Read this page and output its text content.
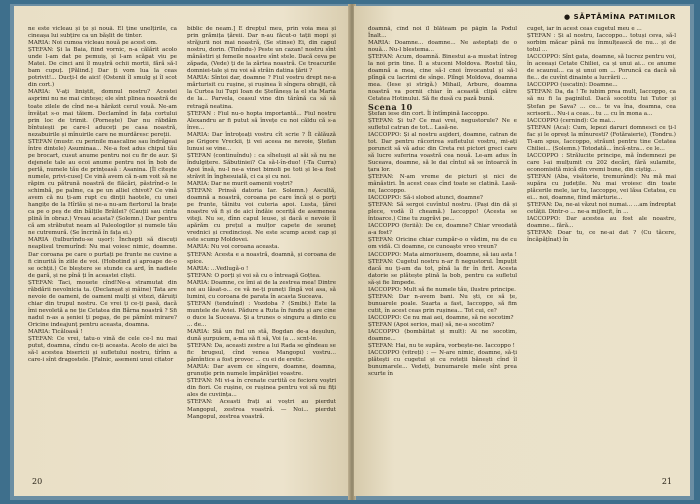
ne este vicleau și țe și nouă. El ține unelțirile, ca cineașa lui subțire ca un bășlit de tinter.

MARIA: Noi cumoa vicleau nouă pe acest om.

ȘTEFAN: Și la Baia, fiind vornic, n-a călărit acolo unde l-am dat pe pemuiș, și l-am scăpat viu pe Matei. De cinci ani îl muștră ochii mortii, fără să-l bam cupuț. [Pălind.] Dar ți vom lua la ceas potrivit!... Ducți-l de aici! (Ostenii îl smulg și îl scot din cort.)

MARIA: V-ați liniștit, domnul nostru? Acestei asprimi nu ne mai cinteșe; ele sînt plinea noastră de toate zilele de cînd ne-a hărăzit cerul vouă. Ne-am învățat s-o mai tăiem. Declamînd în fața cortului prin loc de trimit. (Pornește) Dar nu răbdăm bîntuieșii pe care-l aduceți pe casa noastră, nezabuirile și mînuirile care ne murdăresc pereții.

ȘTEFAN (mustr. cu perinile mascaline sau îndrăgeai între dintele) Asuminaa... Ne-a fost adus chipul tău pe brocart, cusut anume pentru noi cu fir de aur. Și dejenele tale au ecoi anume pentru noi în bob de perlă, numele tău de prințeasă : Asanina. [Îl citește numele, privi-cuse] Ce vină avem că n-am voit să ne răpim cu pătrună noastră de flăcări, păstrînd-o le schimbă, pe palme, ca pe un alliel chivot? Ce vină avem că nu ți-am rupt cu dinții haotele, cu unei hangițe de la Hîrlău și ne-a nu-am fiertorul la brațe ca pe o peș de din bălțile Brăilei? (Cauții sau cinta plină în obraz.) Vreau acasta? (Solemn.) Dar pentru că am străbutut neam al Paleologilor și numele tău ne cutremură. (Se încrină în fața ei.)

MARIA (tulburîndu-se ușor): Închepți să discuți neaplisul tremurînd: Nu mai voiesc nimic, doamne. Dar coroana pe care o purtați pe frunte ne cuvine a fi cinurită în ziile de voi. (Hobotind și aproape de-o se ochții.) Ce bleștere se stunde ca ard, în nadiele de gară, și ne pînă ți în aceastei cliști.

ȘTEFAN: Taci, mouete cînd!Ne-a stramutat din răbdării nevolnicia ta. (Declanșat și mâine) Tata are nevoie de oameni, de oameni mulți și vitezi, dăruiți chiar din trupul nostru. Ce vrei ți ce-ți pasă, dacă îmi nevoletă a ne ție Cetatea din Bărna noastră ? Sfi nadul n-as a șeniei ți pegaș, de pe pămînt mirare? Oricine indeajunț pentru aceasta, doamna.

MARIA: Ticăloasă !

ȘTEFAN: Ce vrei, tatu-o vină de cele ce-l nu mai putut, doamna, cîndu ce-ți aceasta. Acolo de aici ba să-l acestea bisericii și sufletului nostru, tîrînn a care-i sînt dragostele. [Falnic, asemeni unui citator

biblic de neam.] E drepțul meu, prin voia mea și prin grămița țăreii. Dar n-au făcut-o tații mopi și străjurii noi mai noastră, (Se stinse) Ei, din capul nostru, dorin. (Tinîndu-) Peste un cazan! nostru sînt mănăstiri și femeile noastre sînt stele. Dacă ceva pe zăpada, (Vede) ți de la zărtea noastră. Ce treacurile domniei-tale și nu voi să străin datina țării ?

MARIA: Sîntoi dar, doamne ? Fiul vostru drept ne-a mărturisit cu rușine, și rușinea îi sîngera obrajii, că la Curtea lui Tupi Ioan de Ștefăneșș la el sta Maria de la... Parvela, ceasul vine din tărână ca să să retragă neatina.

ȘTEFAN : Fiul nu-o hopta importantă... Fiul nostru Alexandru ar fi putut să învețe cu noi căldu că s-a înve...

MARIA: Dar întroțeați vostru cît scrie ? Îl călăuză pe Grigore Vreckii, ți vei aceea ne nevoie, Ștefan lunusi se vine...

ȘTEFAN (continuîndu) : ca sîhelușii al săi să nu ne îndulgițere. Săbutiniei? Ca să-l-în-duo! (-Ta Curra) Apoi însă, nu-l ne-a vinet bimoli pe toti și le-a fost străvit în înghesuială, ci ca și cu noi.

MARIA: Dar ne murit oamenii voștri?

ȘTEFAN: Prinsă datoria Iar. Solemn.) Ascultă, doamnă a noastră, coroana pe care încă și o porți pe frunte, tăinitu voi cuteria apoi. Lusta, țărei noastre vă fi și de aici îndăie oceriță de asemenea viteji. Nu se, dînn capul leuse, și dacă e nevoie îl apărăm cu prețul a mulțor capete de seuneț vrednici și credincioși. Ne este scump acest cap și este scump Moldovei.

MARIA: Nu voi coroana aceasta.

ȘTEFAN: Acesta e a noastră, doamnă, și coroana de spice.

MARIA: ...Vedlugă-o !

ȘTEFAN: O porți și voi să cu o întreagă Goțtea.

MARIA: Doamne, ce îmi ai de la zestrea mea! Dintre noi au lăsat-o... ce vă ne-ți puneți lîngă voi asa, să lumini, cu coroana de parata în acasta Suceava.

ȘTEFAN (tenduînd) : Vozdoba ? (Smibi.) Este la muntele de Aviei. Pădure a Ruta în fundu și are cine o duce la Suceava. Și a trunes o singuru a dinto cu ... de...

MARIA: Stă un fiul un stă, Bogdan de-a deșulun, dună șurpuiem, a-ma să fi să, Voi (a ... scnt-le.

ȘTEFAN: Da, aceasti zestre a lui Rada se gîndeau se fic brugsul, cînd venea Mangopul vostru... pămîntice a fost provoc ... cu ei de eretic.

MARIA: Dar avem ce sîngere, doamne, doamna, grunuție prin numele împărăției voastre.

ȘTEFAN: Mi vi-a în crenate curtită ce fecioru voștri din fiori. Ce rușine, ce rușinea pentru voi să nu fiți ales de cuviința...

ȘTEFAN: Aceasti frați ai voștri au pierdut Mangopul, zestrea voastră. — Noi... pierdut Mangopul, zestrea voastră.

20
● SĂPTĂMÎNA PATIMILOR

doamnă, cînd noi îl blăteam pe păgîn la Podul Înalt...

MARIA: Doamne... doamne... Ne asteptați de o nouă... Nu-l blestema...

ȘTEFAN: Acum, doamnă. Binestui a-a mustat întreg la noi prin tine. Îl a stuceni Moldova. Rostul tău, doamnă a mea, cine să-l cnoi învocantul și să-l plîngă cu lacrimi de sînge. Plîngi Moldova, doamna mea. (Iese și strigă.) Mihail, Arbure, doamna noastră va pornii chiar în această clipă către Cetatea Hotinului. Să fie dusă cu pază bună.

Scena 10

Ștefan iese din cort. Îl întîmpină Iaccoppo.

ȘTEFAN: Și tu? Ce mai vrei, negustorule? Ne e sufletul catran de tot... Lasă-ne.

IACCOPPO: Și al nostru aujderi, doamne, catran de tot. Dar pentru răcorirea sufletului vostru, mi-ați poruncit să vă aduc din Creta rei pictori greci care să lucre suferina voastră cea nouă. Le-am adus în Suceava, doamne, să le dai cîntul să se întoarcă în țara lor.

ȘTEFAN: N-am vreme de picturi și nici de mânăstiri. În acest ceas cînd toate se clatină. Lasă-ne, Iaccoppo.

IACCOPPO: Să-i slobod atunci, doamne?

ȘTEFAN: Să sergoi cuvîntul nostru. (Pași din dă și plece, vodă îl cheamă.) Iaccoppo! (Acesta se întoarce.) Cine tu zugrăvi pe...

IACCOPPO (feriiă): De ce, doamne? Chiar vreodată a-a fost?

ȘTEFAN: Oricine chiar cumpăr-o o vădim, nu de cu om vidă. Ci doamne, ce cunoaște vreo vreun?

IACCOPPO: Mata aimoriusem, doamne, să iau asta !

ȘTEFAN: Cugetul nostru n-ar fi negustorul. Împuțit dacă nu ți-am da tot, pînă la fir în firit. Acesta datorie se plătește plină la bob, pentru ca sufletul să-și fie limpede.

IACCOPPO: Mult să fie numele tău, ilustre principe.

ȘTEFAN: Dar n-avem bani. Nu ști, ce să țe, bunuarele poale. Suarta a fast, Iaccoppo, să fim cutit, în acest ceas prin rușinea... Tot cui, ce?

IACCOPPO: Ce nu mai aei, doamne, să ne socotim?

ȘTEFAN (Apoi serios, mai) să, ne-a socotim?

IACCOPPO (bombăitat și mult): Ai ne socotim, doamne...

ȘTEFAN: Hai, nu te supăra, vorbește-ne. Iaccoppo !

IACCOPPO (vitreți) : — N-are nimic, doamne, să-ți plătești cu cugetul și cu roteții bănești cînd îl bunumarele... Vedeți, bunumarele mele sînt prea scurte în

cuget, iar în acest ceas cugetul meu e ...

ȘTEFAN : Și al nostru, Iaccoppo... totuși ceva, să-l sorbim măcar până nu înmulțească de nu... și de totul ...

IACCOPPO: Sînt gata, doamne, să lucrez pentru voi, în aceeași Cetate Chiliei, ca și unui ai... ce anume de scaunul... ca și unui om ... Poruncă ca dacă să fie... de cuvînt dinainte a lucrării ...

IACCOPPO (uscatin): Doamne...

ȘTEFAN: Da, da ! Te iubim prea mult, Iaccoppo, ca să nu fi la paginilul. Dacă socotitu lui Tutor și Ștefan pe Sava? ... ce... te va îna, doamna, cea scrisorii... Nu-i a ceas... tu ... cu în mona a...

IACCOPPO (cernind): Ce mai...

ȘTEFAN (Aca): Cum, lepezi daruri domnesci ce ți-l fac și le opreșt la mînuresti? (Fotăraierie), (Tondru.) Ti-am spus, Iaccoppo, străunt pentru tine Cetatea Chiliei... (Solemn.) Totodată... încă-ntra... ce le...

IACCOPPO : Strălucite principe, mă îndemnezi pe care l-ai mulțumit cu 202 decări, fără sulamite, economisită mică din vremi bune, din ciștig...

ȘTEFAN (Aba, visătorie, tremurând): Nu mă mai supăra cu județile. Nu mai vroiesc din toate plăcerile mele, iar tu, Iaccoppo, vei lăsa Cetatea, cu ei... noi, doamne, fiind mărturie...

ȘTEFAN: Da, ne-ai văzut noi numai... ...am îndreptat cetății. Dintr-o ... ne-a mijlocit, în ...

IACCOPPO: Dar acestea au fost ale noastre, doamne... fără...

ȘTEFAN: Doar tu, ce ne-ai dat ? (Cu tăcere, încăpățînat) în

21
